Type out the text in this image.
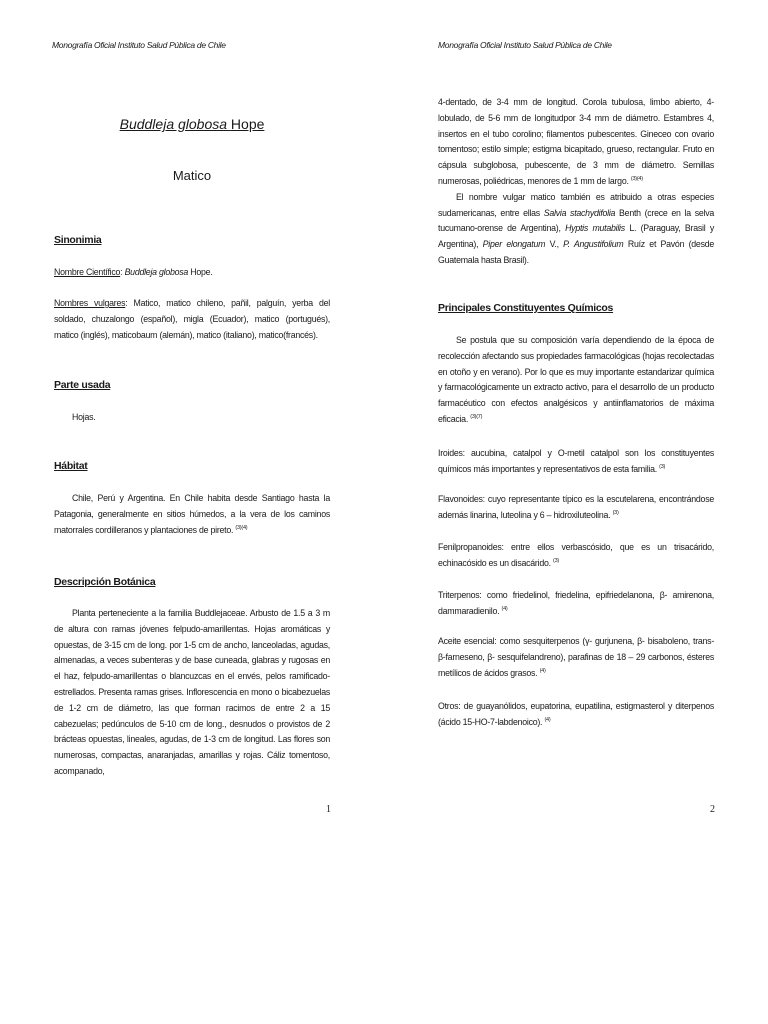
Monografía Oficial Instituto Salud Pública de Chile
Buddleja globosa Hope
Matico
Sinonimia

Nombre Científico: Buddleja globosa Hope.

Nombres vulgares: Matico, matico chileno, pañil, palguín, yerba del soldado, chuzalongo (español), migla (Ecuador), matico (portugués), matico (inglés), maticobaum (alemán), matico (italiano), matico(francés).

Parte usada

Hojas.

Hábitat

Chile, Perú y Argentina. En Chile habita desde Santiago hasta la Patagonia, generalmente en sitios húmedos, a la vera de los caminos matorrales cordilleranos y plantaciones de pireto. $^{(3)(4)}$

Descripción Botánica

Planta perteneciente a la familia Buddlejaceae. Arbusto de 1.5 a 3 m de altura con ramas jóvenes felpudo-amarillentas. Hojas aromáticas y opuestas, de 3-15 cm de long. por 1-5 cm de ancho, lanceoladas, agudas, almenadas, a veces subenteras y de base cuneada, glabras y rugosas en el haz, felpudo-amarillentas o blancuzcas en el envés, pelos ramificado-estrellados. Presenta ramas grises. Inflorescencia en mono o bicabezuelas de 1-2 cm de diámetro, las que forman racimos de entre 2 a 15 cabezuelas; pedúnculos de 5-10 cm de long., desnudos o provistos de 2 brácteas opuestas, lineales, agudas, de 1-3 cm de longitud. Las flores son numerosas, compactas, anaranjadas, amarillas y rojas. Cáliz tomentoso, acompanado,

1
Monografía Oficial Instituto Salud Pública de Chile

4-dentado, de 3-4 mm de longitud. Corola tubulosa, limbo abierto, 4-lobulado, de 5-6 mm de longitudpor 3-4 mm de diámetro. Estambres 4, insertos en el tubo corolino; filamentos pubescentes. Gineceo con ovario tomentoso; estilo simple; estigma bicapitado, grueso, rectangular. Fruto en cápsula subglobosa, pubescente, de 3 mm de diámetro. Semillas numerosas, poliédricas, menores de 1 mm de largo. $^{(3)(4)}$

El nombre vulgar matico también es atribuido a otras especies sudamericanas, entre ellas Salvia stachydifolia Benth (crece en la selva tucumano-orense de Argentina), Hyptis mutabilis L. (Paraguay, Brasil y Argentina), Piper elongatum V., P. Angustifolium Ruíz et Pavón (desde Guatemala hasta Brasil).

Principales Constituyentes Químicos

Se postula que su composición varía dependiendo de la época de recolección afectando sus propiedades farmacológicas (hojas recolectadas en otoño y en verano). Por lo que es muy importante estandarizar química y farmacológicamente un extracto activo, para el desarrollo de un producto farmacéutico con efectos analgésicos y antiinflamatorios de máxima eficacia. $^{(3)(7)}$

Iroides: aucubina, catalpol y O-metil catalpol son los constituyentes químicos más importantes y representativos de esta familia. $^{(3)}$

Flavonoides: cuyo representante típico es la escutelarena, encontrándose además linarina, luteolina y 6 – hidroxiluteolina. $^{(3)}$

Fenilpropanoides: entre ellos verbascósido, que es un trisacárido, echinacósido es un disacárido. $^{(3)}$

Triterpenos: como friedelinol, friedelina, epifriedelanona, β- amirenona, dammaradienilo. $^{(4)}$

Aceite esencial: como sesquiterpenos (γ- gurjunena, β- bisaboleno, trans-β-farneseno, β- sesquifelandreno), parafinas de 18 – 29 carbonos, ésteres metílicos de ácidos grasos. $^{(4)}$

Otros: de guayanólidos, eupatorina, eupatilina, estigmasterol y diterpenos (ácido 15-HO-7-labdenoico). $^{(4)}$

2
